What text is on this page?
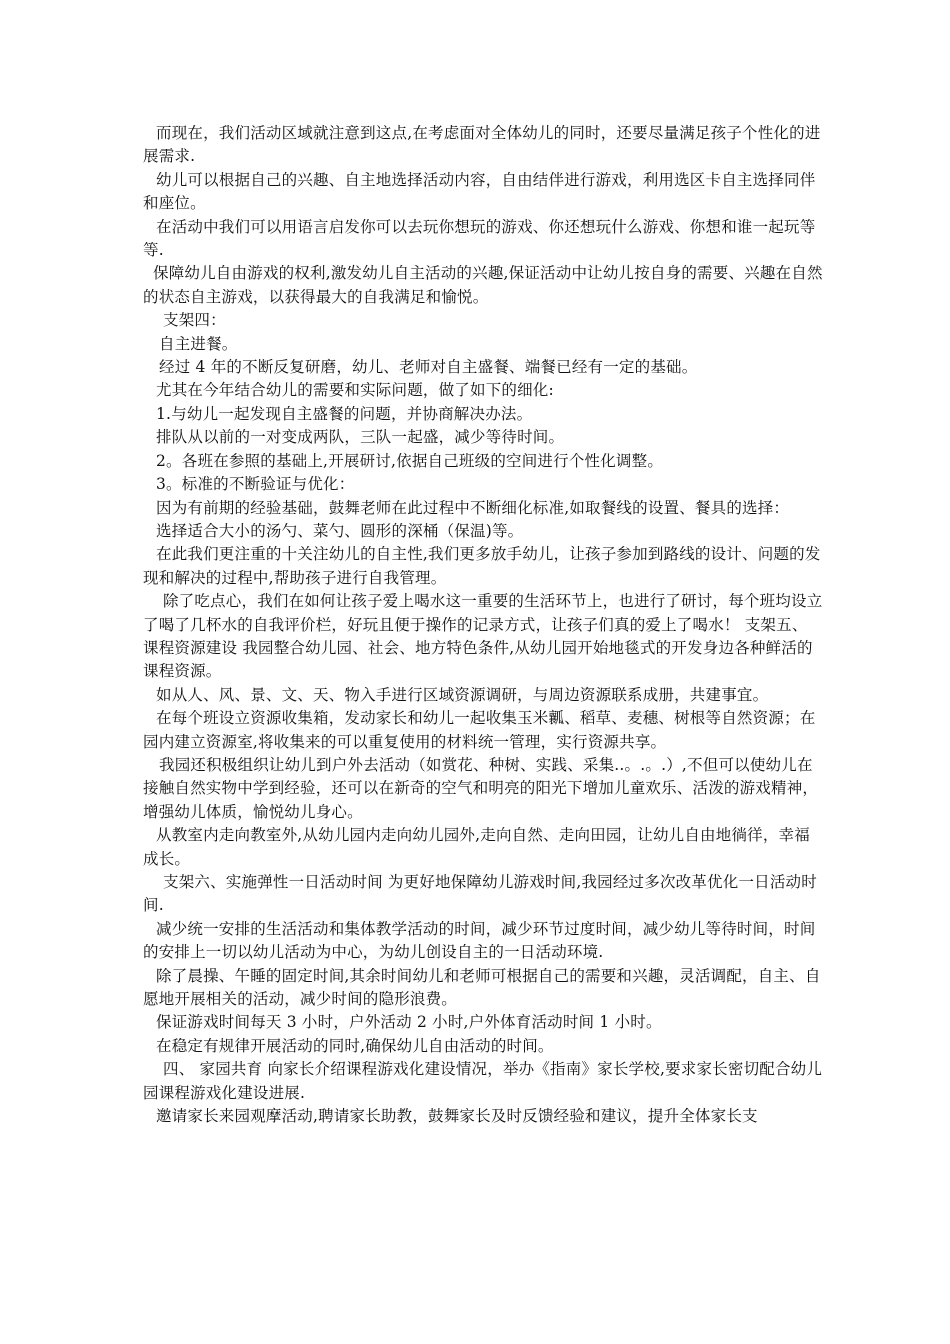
而现在，我们活动区域就注意到这点,在考虑面对全体幼儿的同时，还要尽量满足孩子个性化的进展需求.

幼儿可以根据自己的兴趣、自主地选择活动内容，自由结伴进行游戏，利用选区卡自主选择同伴和座位。

在活动中我们可以用语言启发你可以去玩你想玩的游戏、你还想玩什么游戏、你想和谁一起玩等等.

保障幼儿自由游戏的权利,激发幼儿自主活动的兴趣,保证活动中让幼儿按自身的需要、兴趣在自然的状态自主游戏，以获得最大的自我满足和愉悦。

支架四：

自主进餐。

经过 4 年的不断反复研磨，幼儿、老师对自主盛餐、端餐已经有一定的基础。

尤其在今年结合幼儿的需要和实际问题，做了如下的细化:

1.与幼儿一起发现自主盛餐的问题，并协商解决办法。

排队从以前的一对变成两队，三队一起盛，减少等待时间。

2。各班在参照的基础上,开展研讨,依据自己班级的空间进行个性化调整。

3。标准的不断验证与优化：

因为有前期的经验基础，鼓舞老师在此过程中不断细化标准,如取餐线的设置、餐具的选择：

选择适合大小的汤勺、菜勺、圆形的深桶（保温)等。

在此我们更注重的十关注幼儿的自主性,我们更多放手幼儿，让孩子参加到路线的设计、问题的发现和解决的过程中,帮助孩子进行自我管理。

除了吃点心，我们在如何让孩子爱上喝水这一重要的生活环节上，也进行了研讨，每个班均设立了喝了几杯水的自我评价栏，好玩且便于操作的记录方式，让孩子们真的爱上了喝水！ 支架五、课程资源建设 我园整合幼儿园、社会、地方特色条件,从幼儿园开始地毯式的开发身边各种鲜活的课程资源。

如从人、风、景、文、天、物入手进行区域资源调研，与周边资源联系成册，共建事宜。

在每个班设立资源收集箱，发动家长和幼儿一起收集玉米瓤、稻草、麦穗、树根等自然资源；在园内建立资源室,将收集来的可以重复使用的材料统一管理，实行资源共享。

我园还积极组织让幼儿到户外去活动（如赏花、种树、实践、采集..。.。.）,不但可以使幼儿在接触自然实物中学到经验，还可以在新奇的空气和明亮的阳光下增加儿童欢乐、活泼的游戏精神，增强幼儿体质，愉悦幼儿身心。

从教室内走向教室外,从幼儿园内走向幼儿园外,走向自然、走向田园，让幼儿自由地徜徉，幸福成长。

支架六、实施弹性一日活动时间 为更好地保障幼儿游戏时间,我园经过多次改革优化一日活动时间.

减少统一安排的生活活动和集体教学活动的时间，减少环节过度时间，减少幼儿等待时间，时间的安排上一切以幼儿活动为中心，为幼儿创设自主的一日活动环境.

除了晨操、午睡的固定时间,其余时间幼儿和老师可根据自己的需要和兴趣，灵活调配，自主、自愿地开展相关的活动，减少时间的隐形浪费。

保证游戏时间每天 3 小时，户外活动 2 小时,户外体育活动时间 1 小时。

在稳定有规律开展活动的同时,确保幼儿自由活动的时间。

四、 家园共育 向家长介绍课程游戏化建设情况，举办《指南》家长学校,要求家长密切配合幼儿园课程游戏化建设进展.

邀请家长来园观摩活动,聘请家长助教，鼓舞家长及时反馈经验和建议，提升全体家长支
